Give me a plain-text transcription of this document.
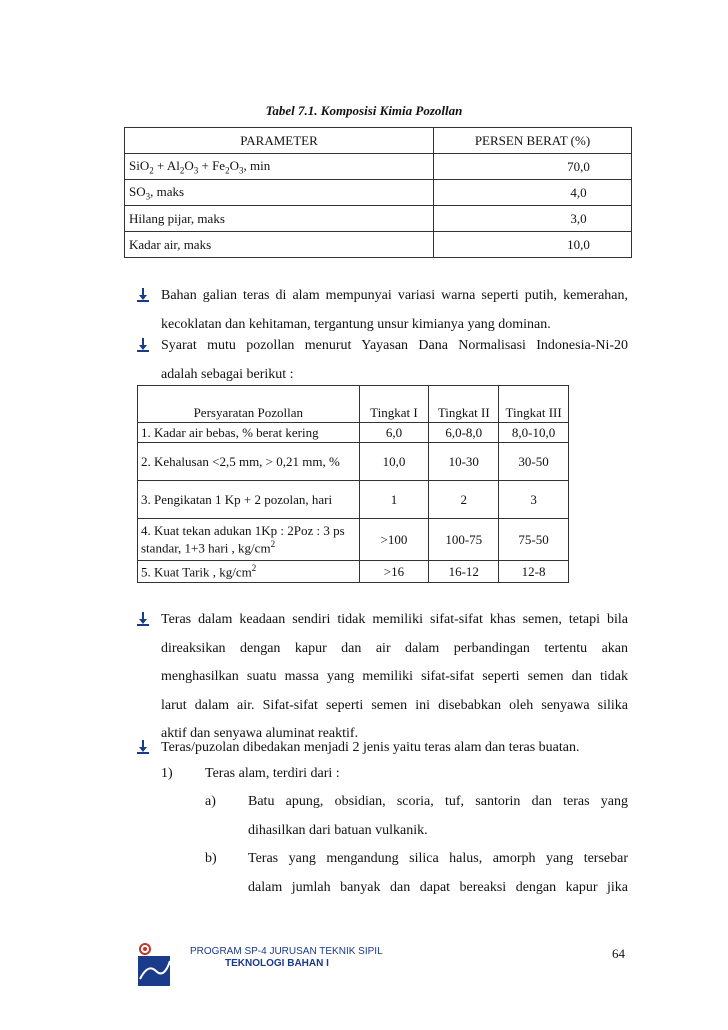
Tabel 7.1. Komposisi Kimia Pozollan
PARAMETER	PERSEN BERAT (%)
$SiO_2 + Al_2O_3 + Fe_2O_3$, min	70,0
$SO_3$, maks	4,0
Hilang pijar, maks	3,0
Kadar air, maks	10,0
Bahan galian teras di alam mempunyai variasi warna seperti putih, kemerahan,
kecoklatan dan kehitaman, tergantung unsur kimianya yang dominan.
Syarat mutu pozollan menurut Yayasan Dana Normalisasi Indonesia-Ni-20
adalah sebagai berikut :
Persyaratan Pozollan	Tingkat I	Tingkat II	Tingkat III
1. Kadar air bebas, % berat kering	6,0	6,0-8,0	8,0-10,0
2. Kehalusan <2,5 mm, > 0,21 mm, %	10,0	10-30	30-50
3. Pengikatan 1 Kp + 2 pozolan, hari	1	2	3
4. Kuat tekan adukan 1Kp : 2Poz : 3 ps standar, 1+3 hari , $kg/cm^2$	>100	100-75	75-50
5. Kuat Tarik , $kg/cm^2$	>16	16-12	12-8
Teras dalam keadaan sendiri tidak memiliki sifat-sifat khas semen, tetapi bila
direaksikan dengan kapur dan air dalam perbandingan tertentu akan
menghasilkan suatu massa yang memiliki sifat-sifat seperti semen dan tidak
larut dalam air. Sifat-sifat seperti semen ini disebabkan oleh senyawa silika
aktif dan senyawa aluminat reaktif.
Teras/puzolan dibedakan menjadi 2 jenis yaitu teras alam dan teras buatan.
1) Teras alam, terdiri dari :
a) Batu apung, obsidian, scoria, tuf, santorin dan teras yang
dihasilkan dari batuan vulkanik.
b) Teras yang mengandung silica halus, amorph yang tersebar
dalam jumlah banyak dan dapat bereaksi dengan kapur jika
PROGRAM SP-4 JURUSAN TEKNIK SIPIL
TEKNOLOGI BAHAN I
64
